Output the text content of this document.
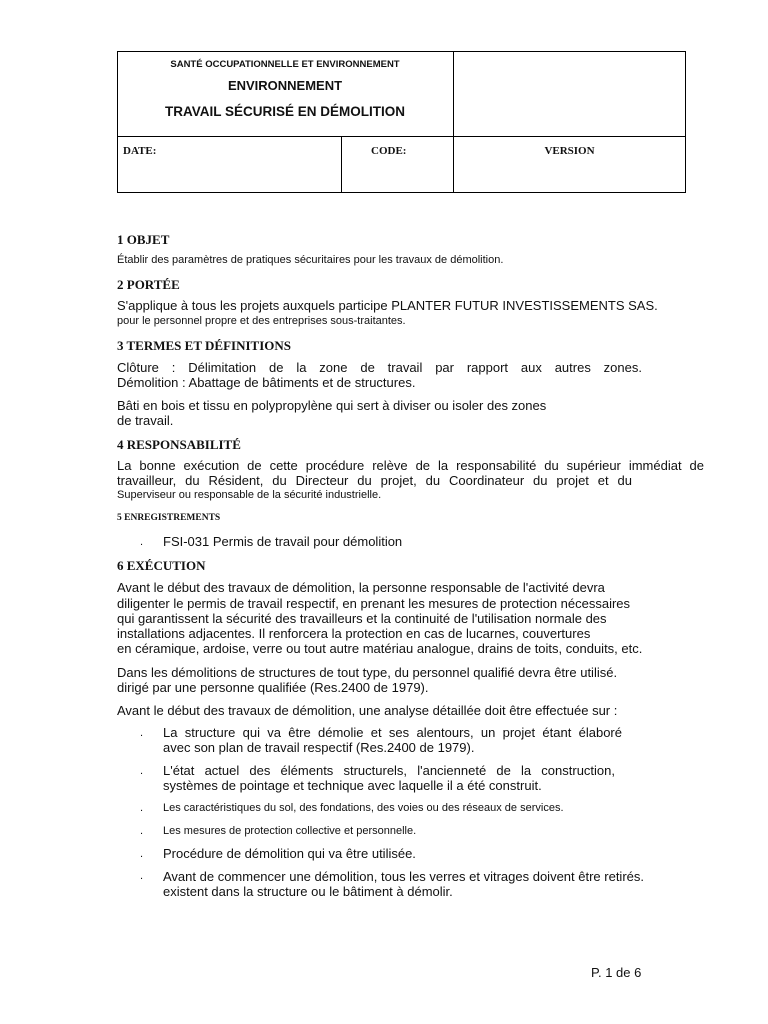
SANTÉ OCCUPATIONNELLE ET ENVIRONNEMENT
ENVIRONNEMENT
TRAVAIL SÉCURISÉ EN DÉMOLITION
DATE:	CODE:	VERSION
1 OBJET
Établir des paramètres de pratiques sécuritaires pour les travaux de démolition.
2 PORTÉE
S'applique à tous les projets auxquels participe PLANTER FUTUR INVESTISSEMENTS SAS.
pour le personnel propre et des entreprises sous-traitantes.
3 TERMES ET DÉFINITIONS
Clôture : Délimitation de la zone de travail par rapport aux autres zones.
Démolition : Abattage de bâtiments et de structures.
Bâti en bois et tissu en polypropylène qui sert à diviser ou isoler des zones
de travail.
4 RESPONSABILITÉ
La bonne exécution de cette procédure relève de la responsabilité du supérieur immédiat de
travailleur, du Résident, du Directeur du projet, du Coordinateur du projet et du
Superviseur ou responsable de la sécurité industrielle.
5 ENREGISTREMENTS
. FSI-031 Permis de travail pour démolition
6 EXÉCUTION
Avant le début des travaux de démolition, la personne responsable de l'activité devra
diligenter le permis de travail respectif, en prenant les mesures de protection nécessaires
qui garantissent la sécurité des travailleurs et la continuité de l'utilisation normale des
installations adjacentes. Il renforcera la protection en cas de lucarnes, couvertures
en céramique, ardoise, verre ou tout autre matériau analogue, drains de toits, conduits, etc.
Dans les démolitions de structures de tout type, du personnel qualifié devra être utilisé.
dirigé par une personne qualifiée (Res.2400 de 1979).
Avant le début des travaux de démolition, une analyse détaillée doit être effectuée sur :
. La structure qui va être démolie et ses alentours, un projet étant élaboré
avec son plan de travail respectif (Res.2400 de 1979).
. L'état actuel des éléments structurels, l'ancienneté de la construction,
systèmes de pointage et technique avec laquelle il a été construit.
. Les caractéristiques du sol, des fondations, des voies ou des réseaux de services.
. Les mesures de protection collective et personnelle.
. Procédure de démolition qui va être utilisée.
. Avant de commencer une démolition, tous les verres et vitrages doivent être retirés.
existent dans la structure ou le bâtiment à démolir.
P. 1 de 6
